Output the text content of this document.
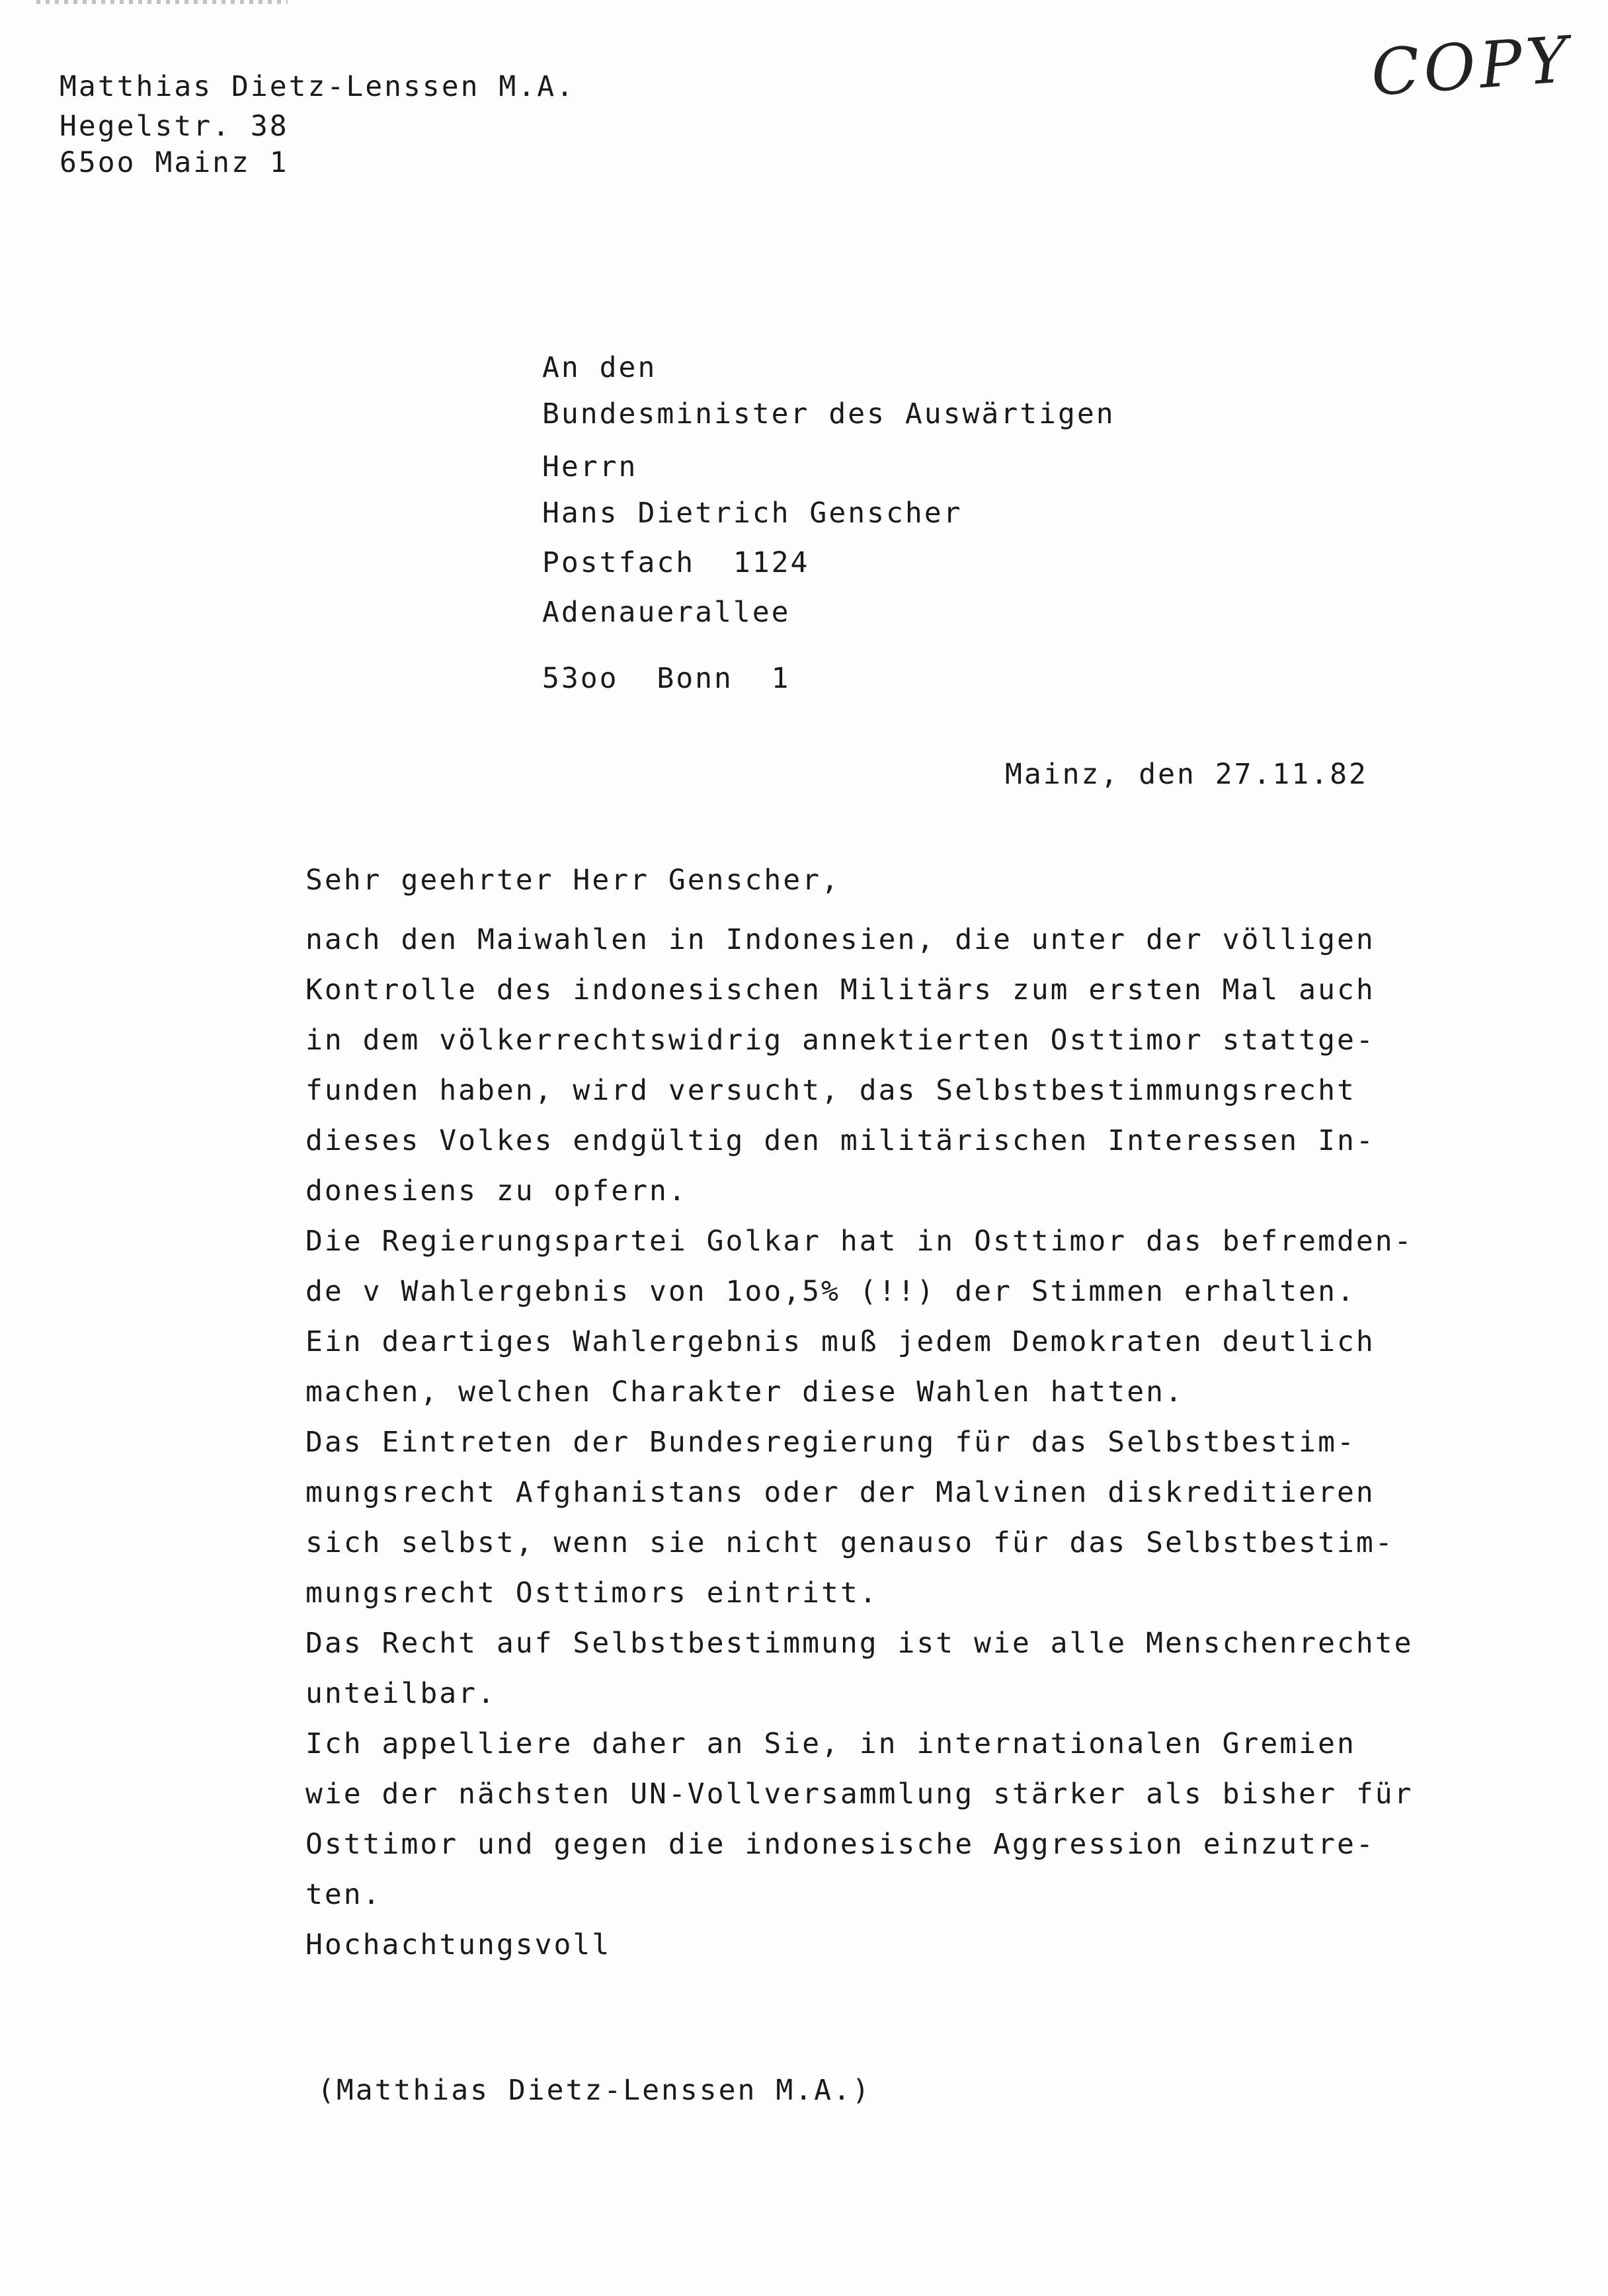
COPY
Matthias Dietz-Lenssen M.A.
Hegelstr. 38
65oo Mainz 1
An den
Bundesminister des Auswärtigen
Herrn
Hans Dietrich Genscher
Postfach  1124
Adenauerallee
53oo  Bonn  1
Mainz, den 27.11.82
Sehr geehrter Herr Genscher,
nach den Maiwahlen in Indonesien, die unter der völligen
Kontrolle des indonesischen Militärs zum ersten Mal auch
in dem völkerrechtswidrig annektierten Osttimor stattge-
funden haben, wird versucht, das Selbstbestimmungsrecht
dieses Volkes endgültig den militärischen Interessen In-
donesiens zu opfern.
Die Regierungspartei Golkar hat in Osttimor das befremden-
de v Wahlergebnis von 1oo,5% (!!) der Stimmen erhalten.
Ein deartiges Wahlergebnis muß jedem Demokraten deutlich
machen, welchen Charakter diese Wahlen hatten.
Das Eintreten der Bundesregierung für das Selbstbestim-
mungsrecht Afghanistans oder der Malvinen diskreditieren
sich selbst, wenn sie nicht genauso für das Selbstbestim-
mungsrecht Osttimors eintritt.
Das Recht auf Selbstbestimmung ist wie alle Menschenrechte
unteilbar.
Ich appelliere daher an Sie, in internationalen Gremien
wie der nächsten UN-Vollversammlung stärker als bisher für
Osttimor und gegen die indonesische Aggression einzutre-
ten.
Hochachtungsvoll
(Matthias Dietz-Lenssen M.A.)
